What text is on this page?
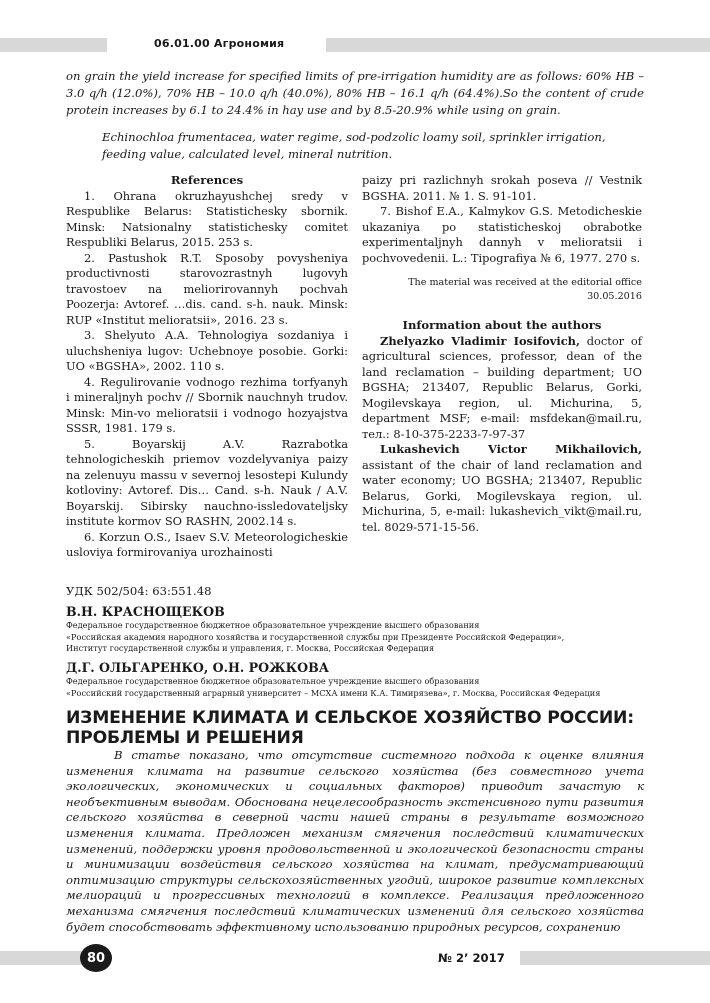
06.01.00 Агрономия

on grain the yield increase for specified limits of pre-irrigation humidity are as follows: 60% HB – 3.0 q/h (12.0%), 70% HB – 10.0 q/h (40.0%), 80% HB – 16.1 q/h (64.4%).So the content of crude protein increases by 6.1 to 24.4% in hay use and by 8.5-20.9% while using on grain.

Echinochloa frumentacea, water regime, sod-podzolic loamy soil, sprinkler irrigation, feeding value, calculated level, mineral nutrition.

References

1. Ohrana okruzhayushchej sredy v Respublike Belarus: Statistichesky sbornik. Minsk: Natsionalny statistichesky comitet Respubliki Belarus, 2015. 253 s.

2. Pastushok R.T. Sposoby povysheniya productivnosti starovozrastnyh lugovyh travostoev na meliorirovannyh pochvah Poozerja: Avtoref. …dis. cand. s-h. nauk. Minsk: RUP «Institut melioratsii», 2016. 23 s.

3. Shelyuto A.A. Tehnologiya sozdaniya i uluchsheniya lugov: Uchebnoye posobie. Gorki: UO «BGSHA», 2002. 110 s.

4. Regulirovanie vodnogo rezhima torfyanyh i mineraljnyh pochv // Sbornik nauchnyh trudov. Minsk: Min-vo melioratsii i vodnogo hozyajstva SSSR, 1981. 179 s.

5. Boyarskij A.V. Razrabotka tehnologicheskih priemov vozdelyvaniya paizy na zelenuyu massu v severnoj lesostepi Kulundy kotloviny: Avtoref. Dis… Cand. s-h. Nauk / A.V. Boyarskij. Sibirsky nauchno-issledovateljsky institute kormov SO RASHN, 2002.14 s.

6. Korzun O.S., Isaev S.V. Meteorologicheskie usloviya formirovaniya urozhainosti

paizy pri razlichnyh srokah poseva // Vestnik BGSHA. 2011. № 1. S. 91-101.

7. Bishof E.A., Kalmykov G.S. Metodicheskie ukazaniya po statisticheskoj obrabotke experimentaljnyh dannyh v melioratsii i pochvovedenii. L.: Tipografiya № 6, 1977. 270 s.

The material was received at the editorial office
30.05.2016

Information about the authors

Zhelyazko Vladimir Iosifovich, doctor of agricultural sciences, professor, dean of the land reclamation – building department; UO BGSHA; 213407, Republic Belarus, Gorki, Mogilevskaya region, ul. Michurina, 5, department MSF; e-mail: msfdekan@mail.ru, тел.: 8-10-375-2233-7-97-37

Lukashevich Victor Mikhailovich, assistant of the chair of land reclamation and water economy; UO BGSHA; 213407, Republic Belarus, Gorki, Mogilevskaya region, ul. Michurina, 5, e-mail: lukashevich_vikt@mail.ru, tel. 8029-571-15-56.

УДК 502/504: 63:551.48

В.Н. КРАСНОЩЕКОВ

Федеральное государственное бюджетное образовательное учреждение высшего образования

«Российская академия народного хозяйства и государственной службы при Президенте Российской Федерации»,

Институт государственной службы и управления, г. Москва, Российская Федерация

Д.Г. ОЛЬГАРЕНКО, О.Н. РОЖКОВА

Федеральное государственное бюджетное образовательное учреждение высшего образования

«Российский государственный аграрный университет – МСХА имени К.А. Тимирязева», г. Москва, Российская Федерация

ИЗМЕНЕНИЕ КЛИМАТА И СЕЛЬСКОЕ ХОЗЯЙСТВО РОССИИ:
ПРОБЛЕМЫ И РЕШЕНИЯ

В статье показано, что отсутствие системного подхода к оценке влияния изменения климата на развитие сельского хозяйства (без совместного учета экологических, экономических и социальных факторов) приводит зачастую к необъективным выводам. Обоснована нецелесообразность экстенсивного пути развития сельского хозяйства в северной части нашей страны в результате возможного изменения климата. Предложен механизм смягчения последствий климатических изменений, поддержки уровня продовольственной и экологической безопасности страны и минимизации воздействия сельского хозяйства на климат, предусматривающий оптимизацию структуры сельскохозяйственных угодий, широкое развитие комплексных мелиораций и прогрессивных технологий в комплексе. Реализация предложенного механизма смягчения последствий климатических изменений для сельского хозяйства будет способствовать эффективному использованию природных ресурсов, сохранению

80	№ 2’ 2017
